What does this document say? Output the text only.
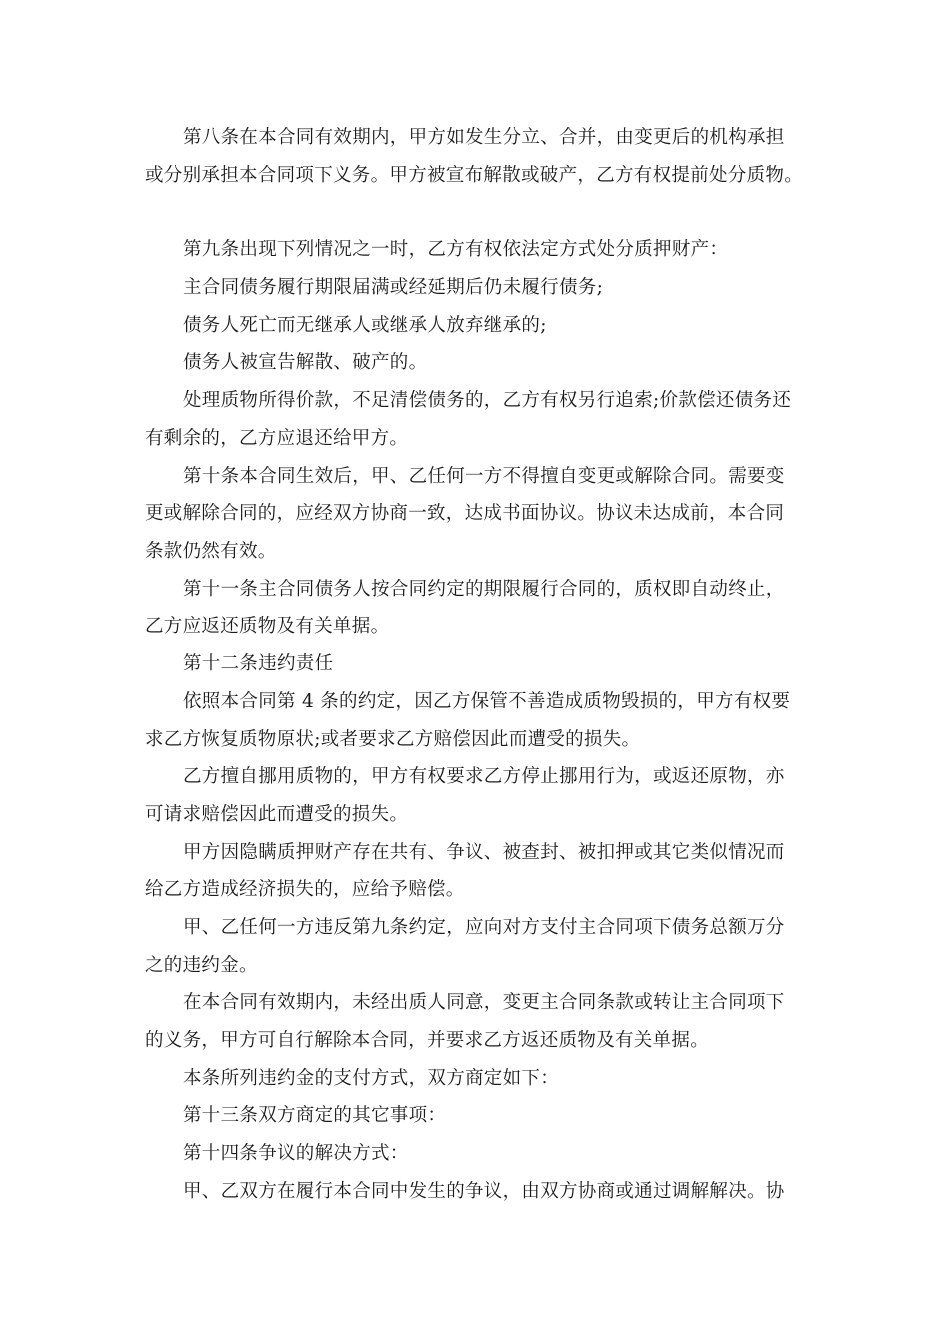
第八条在本合同有效期内，甲方如发生分立、合并，由变更后的机构承担
或分别承担本合同项下义务。甲方被宣布解散或破产，乙方有权提前处分质物。
第九条出现下列情况之一时，乙方有权依法定方式处分质押财产：
主合同债务履行期限届满或经延期后仍未履行债务;
债务人死亡而无继承人或继承人放弃继承的;
债务人被宣告解散、破产的。
处理质物所得价款，不足清偿债务的，乙方有权另行追索;价款偿还债务还
有剩余的，乙方应退还给甲方。
第十条本合同生效后，甲、乙任何一方不得擅自变更或解除合同。需要变
更或解除合同的，应经双方协商一致，达成书面协议。协议未达成前，本合同
条款仍然有效。
第十一条主合同债务人按合同约定的期限履行合同的，质权即自动终止，
乙方应返还质物及有关单据。
第十二条违约责任
依照本合同第 4 条的约定，因乙方保管不善造成质物毁损的，甲方有权要
求乙方恢复质物原状;或者要求乙方赔偿因此而遭受的损失。
乙方擅自挪用质物的，甲方有权要求乙方停止挪用行为，或返还原物，亦
可请求赔偿因此而遭受的损失。
甲方因隐瞒质押财产存在共有、争议、被查封、被扣押或其它类似情况而
给乙方造成经济损失的，应给予赔偿。
甲、乙任何一方违反第九条约定，应向对方支付主合同项下债务总额万分
之的违约金。
在本合同有效期内，未经出质人同意，变更主合同条款或转让主合同项下
的义务，甲方可自行解除本合同，并要求乙方返还质物及有关单据。
本条所列违约金的支付方式，双方商定如下：
第十三条双方商定的其它事项：
第十四条争议的解决方式：
甲、乙双方在履行本合同中发生的争议，由双方协商或通过调解解决。协
